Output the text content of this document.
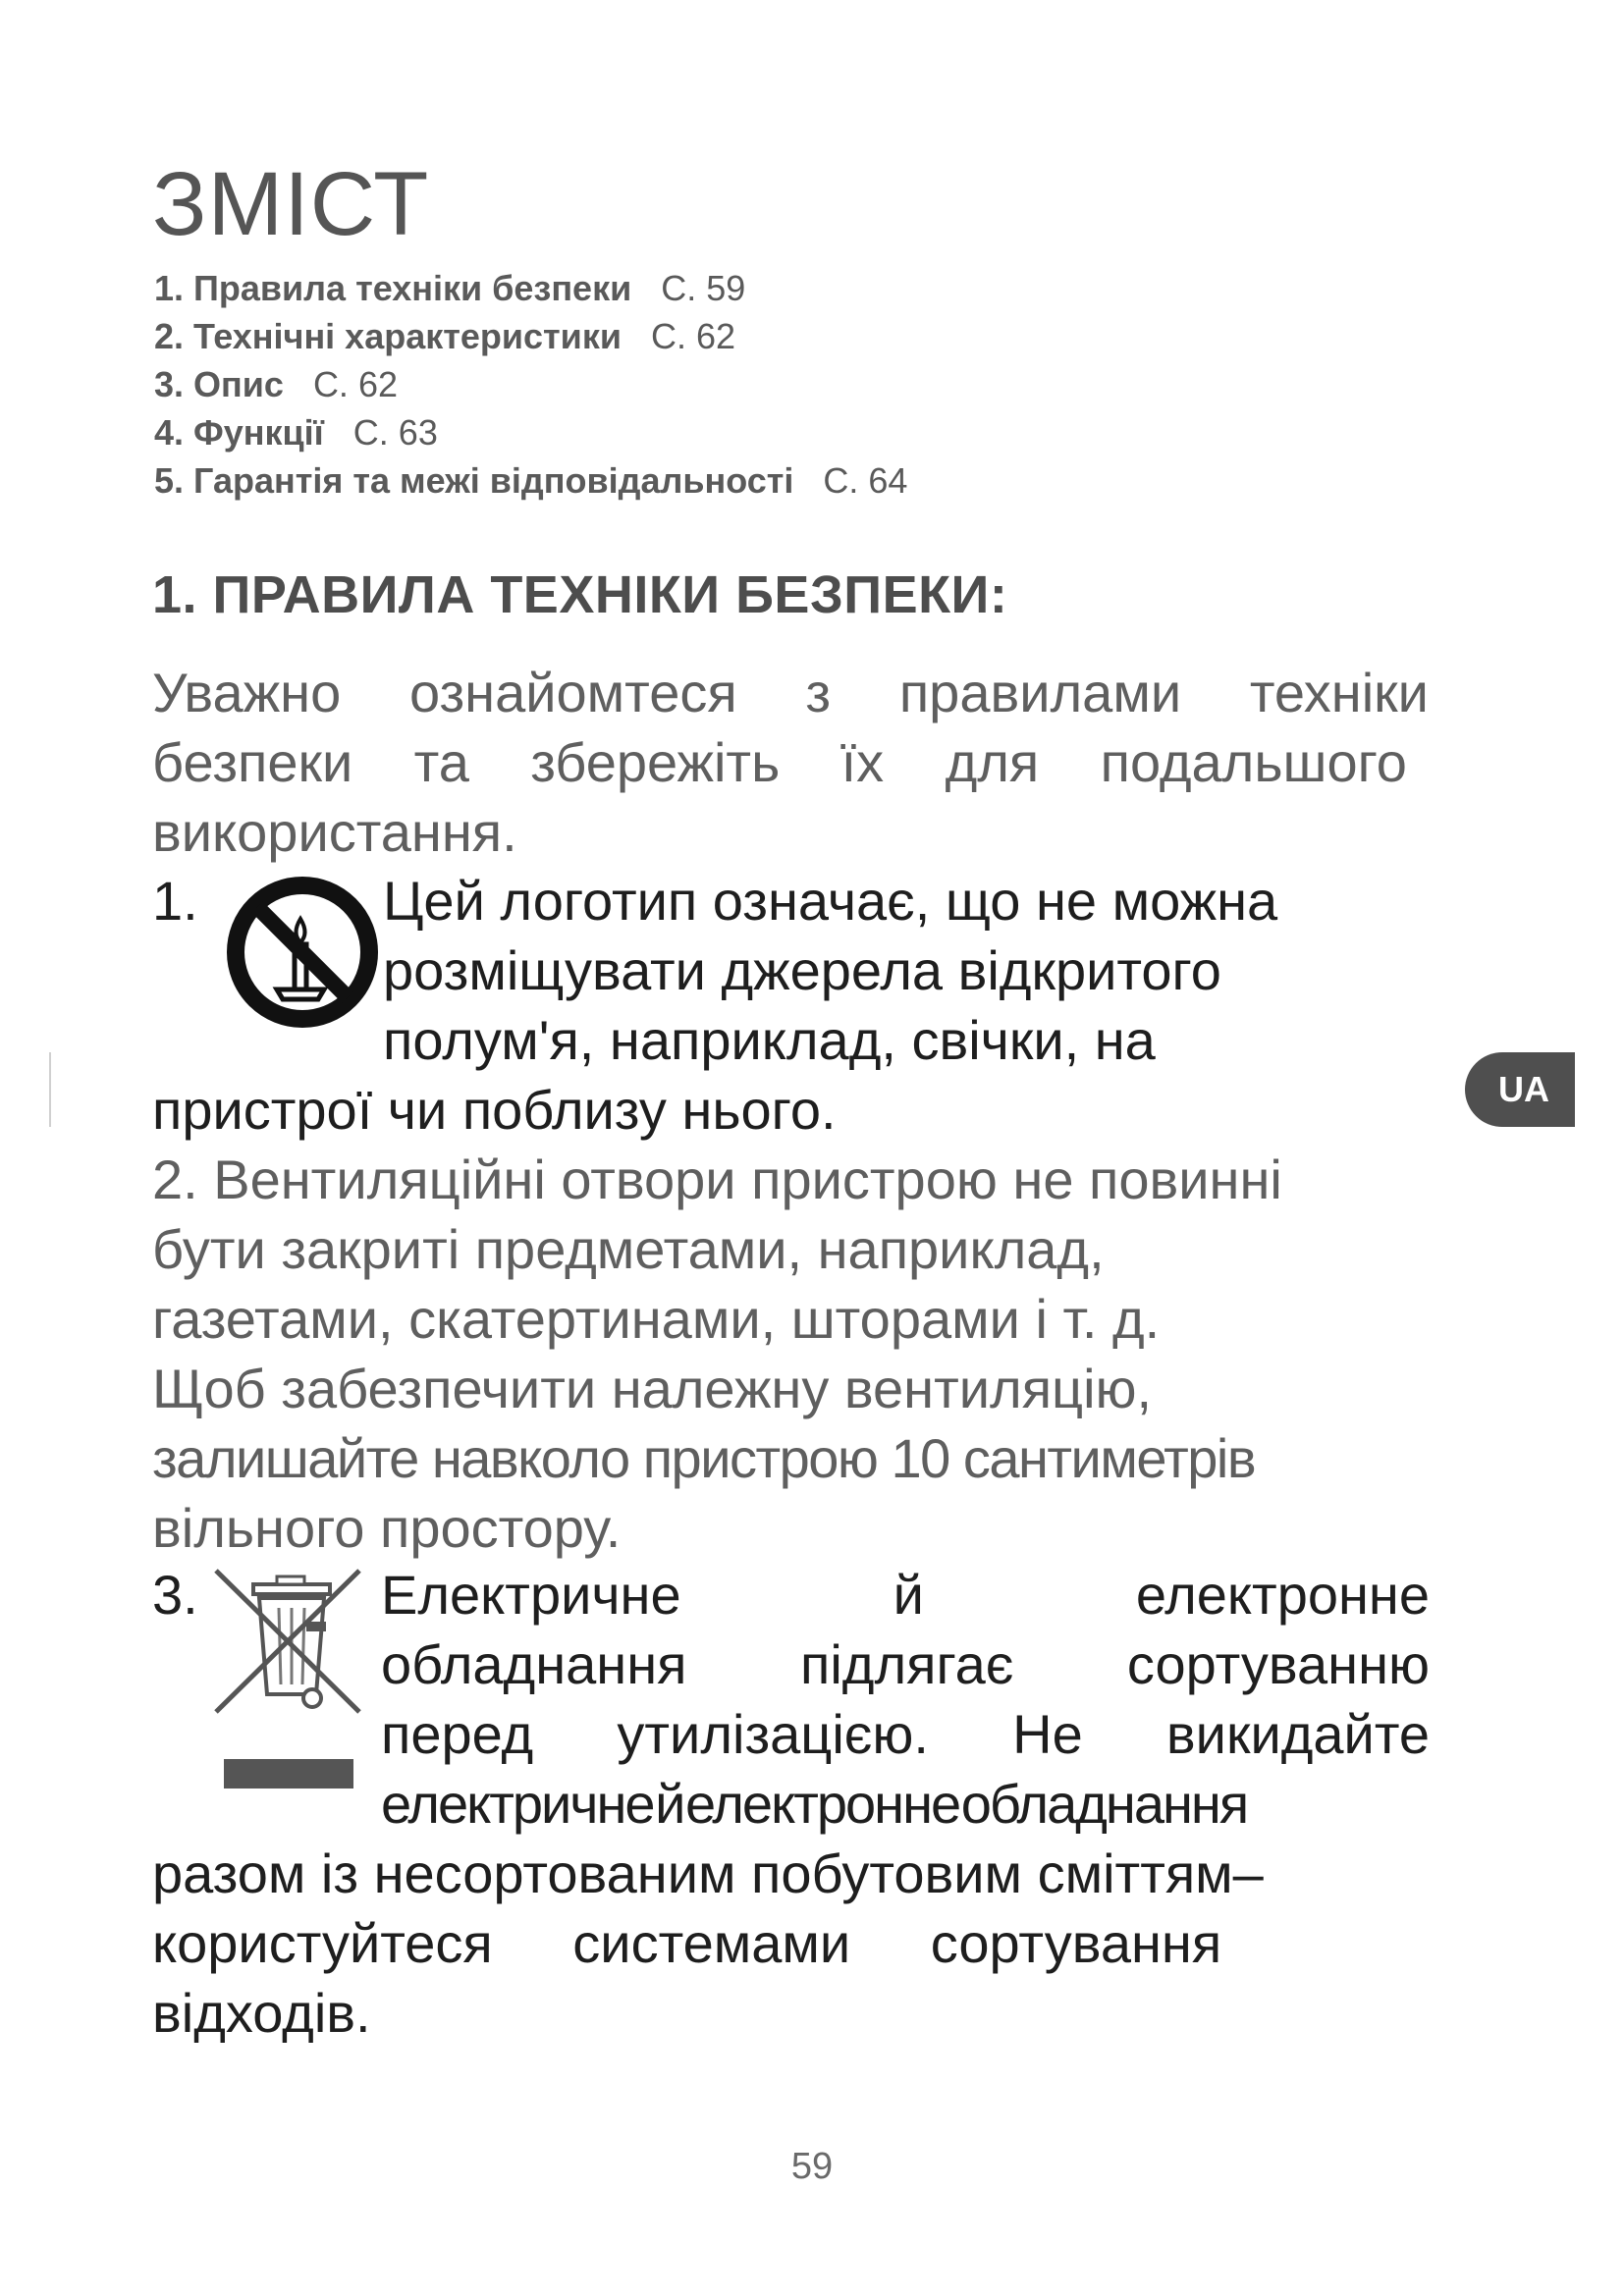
ЗМІСТ
1. Правила техніки безпеки С. 59
2. Технічні характеристики С. 62
3. Опис С. 62
4. Функції С. 63
5. Гарантія та межі відповідальності С. 64
1. ПРАВИЛА ТЕХНІКИ БЕЗПЕКИ:
Уважно ознайомтеся з правилами техніки
безпеки та збережіть їх для подальшого
використання.
1.	Цей логотип означає, що не можна
розміщувати джерела відкритого
полум'я, наприклад, свічки, на
пристрої чи поблизу нього.
2. Вентиляційні отвори пристрою не повинні
бути закриті предметами, наприклад,
газетами, скатертинами, шторами і т. д.
Щоб забезпечити належну вентиляцію,
залишайте навколо пристрою 10 сантиметрів
вільного простору.
3.	Електричне	й	електронне
обладнання підлягає сортуванню
перед утилізацією. Не викидайте
електричне й електронне обладнання
разом із несортованим побутовим сміттям–
користуйтеся системами сортування
відходів.
UA
59
